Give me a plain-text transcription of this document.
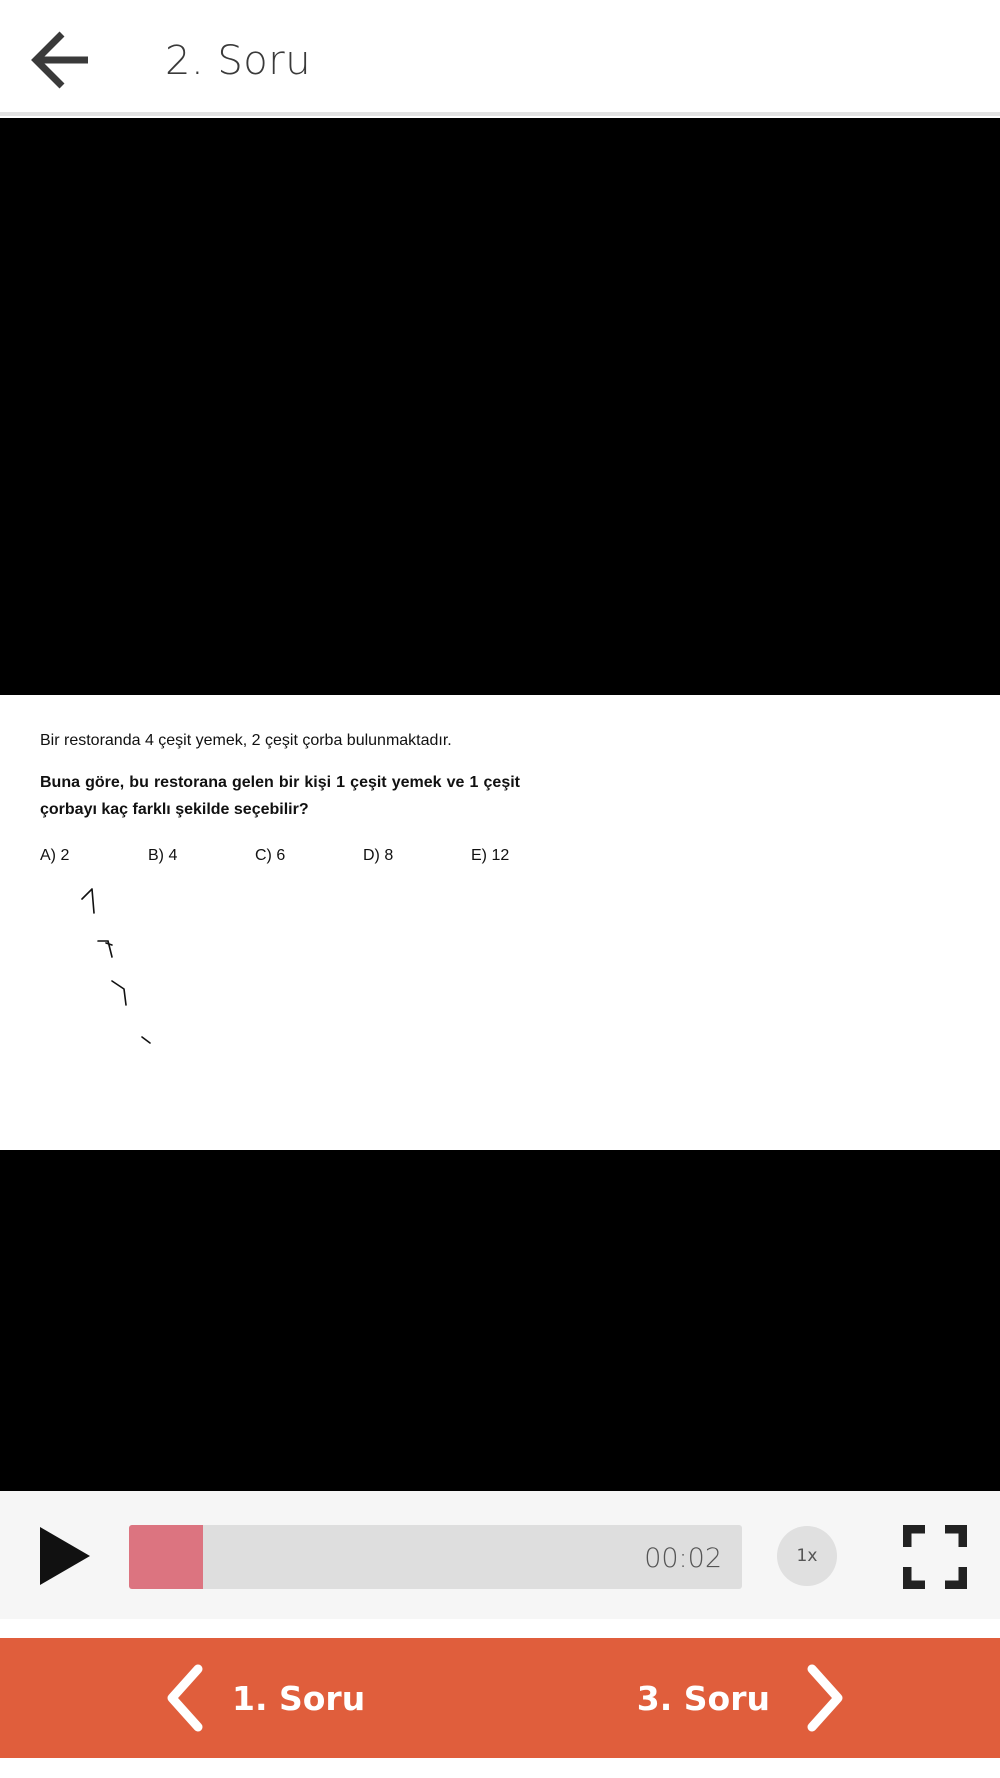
2. Soru
Bir restoranda 4 çeşit yemek, 2 çeşit çorba bulunmaktadır.
Buna göre, bu restorana gelen bir kişi 1 çeşit yemek ve 1 çeşit çorbayı kaç farklı şekilde seçebilir?
A) 2	B) 4	C) 6	D) 8	E) 12
00:02	1x
1. Soru	3. Soru
